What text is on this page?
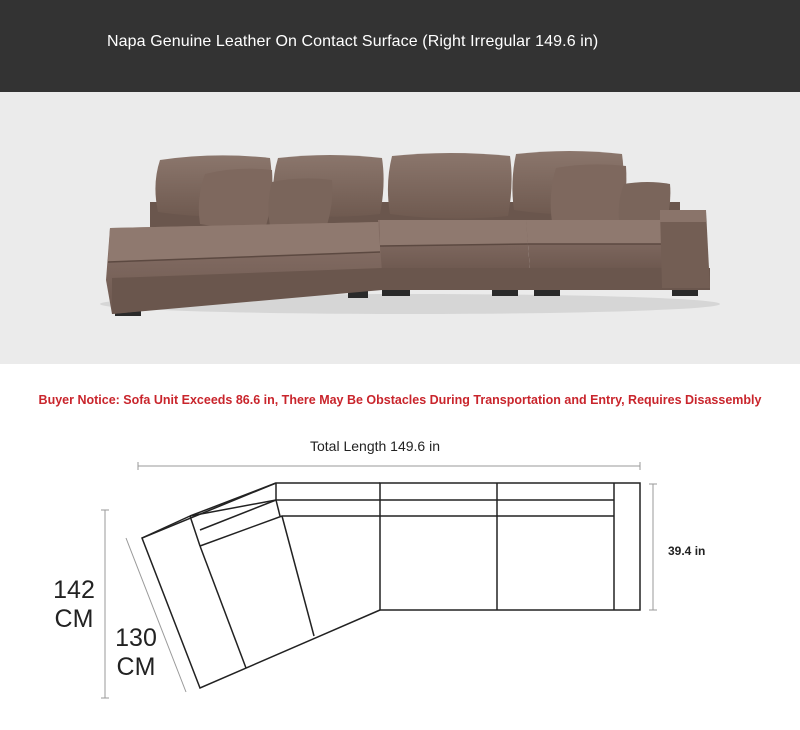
Napa Genuine Leather On Contact Surface (Right Irregular 149.6 in)
Buyer Notice: Sofa Unit Exceeds 86.6 in, There May Be Obstacles During Transportation and Entry, Requires Disassembly
Total Length 149.6 in
142
CM
130
CM
39.4 in
